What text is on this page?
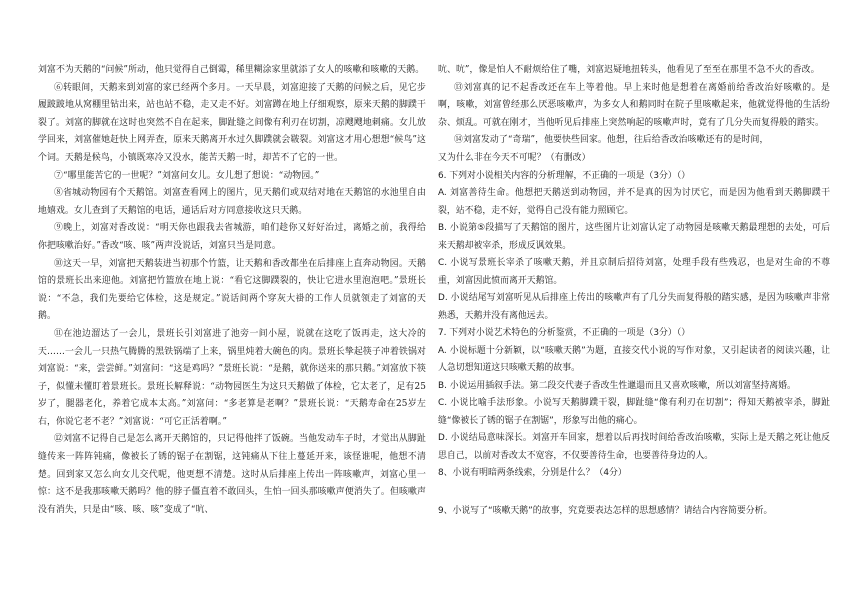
刘富不为天鹅的“问候”所动，他只觉得自己倒霉，稀里糊涂家里就添了女人的咳嗽和咳嗽的天鹅。

⑥转眼间，天鹅来到刘富的家已经两个多月。一天早晨，刘富迎接了天鹅的问候之后，见它步履跛跛地从窝棚里钻出来，站也站不稳，走又走不好。刘富蹲在地上仔细观察，原来天鹅的脚蹼干裂了。刘富的脚就在这时也突然不自在起来，脚趾缝之间像有利刃在切割，凉飕飕地刺痛。女儿放学回来，刘富催她赶快上网弄查，原来天鹅离开水过久脚蹼就会皲裂。刘富这才用心想想“候鸟”这个词。天鹅是候鸟，小镇既寒冷又没水，能苦天鹅一时，却苦不了它的一世。

⑦“哪里能苦它的一世呢？”刘富问女儿。女儿想了想说：“动物园。”

⑧省城动物园有个天鹅馆。刘富查看网上的图片，见天鹅们或双结对地在天鹅馆的水池里自由地嬉戏。女儿查到了天鹅馆的电话，通话后对方同意接收这只天鹅。

⑨晚上，刘富对香改说：“明天你也跟我去省城游，咱们趁你又好好治过，离婚之前，我得给你把咳嗽治好。”香改“咳、咳”两声没说话，刘富只当是同意。

⑩这天一早，刘富把天鹅装进当初那个竹篮，让天鹅和香改都坐在后排座上直奔动物园。天鹅馆的景班长出来迎他。刘富把竹篮放在地上说：“看它这脚蹼裂的，快让它进水里泡泡吧。”景班长说：“不急，我们先要给它体检，这是规定。”说话间两个穿灰大褂的工作人员就领走了刘富的天鹅。

⑪在池边溜达了一会儿，景班长引刘富进了池旁一间小屋，说就在这吃了饭再走，这大冷的天……一会儿一只热气腾腾的黑铁锅端了上来，锅里炖着大碗色的肉。景班长挚起筷子冲着铁锅对刘富说：“来，尝尝鲜。”刘富问：“这是鸡吗？”景班长说：“是鹅，就你送来的那只鹅。”刘富放下筷子，似懂未懂盯着景班长。景班长解释说：“动物园医生为这只天鹅做了体检，它太老了，足有25岁了，腿器老化，养着它成本太高。”刘富问：“多老算是老啊？”景班长说：“天鹅寿命在25岁左右，你说它老不老？”刘富说：“可它正活着啊。”

⑫刘富不记得自己是怎么离开天鹅馆的，只记得他拌了饭碗。当他发动车子时，才觉出从脚趾缝传来一阵阵钝痛，像被长了锈的锯子在割锯，这钝痛从下往上蔓延开来，该怪谁呢，他想不清楚。回到家又怎么向女儿交代呢，他更想不清楚。这时从后排座上传出一阵咳嗽声，刘富心里一惊：这不是我那咳嗽天鹅吗？他的脖子僵直着不敢回头，生怕一回头那咳嗽声便消失了。但咳嗽声没有消失，只是由“咳、咳、咳”变成了“吭、

吭、吭”，像是怕人不耐烦给住了嘴，刘富迟疑地扭转头，他看见了至至在那里不急不火的香改。

⑬刘富真的记不起香改还在车上等着他。早上来时他是想着在离婚前给香改治好咳嗽的。是啊，咳嗽，刘富曾经那么厌恶咳嗽声，为多女人和鹅同时在院子里咳嗽起来，他就觉得他的生活纷杂、烦乱。可就在刚才，当他听见后排座上突然响起的咳嗽声时，竟有了几分失而复得般的踏实。

⑭刘富发动了“奇瑞”，他要快些回家。他想，往后给香改治咳嗽还有的是时间，

又为什么非在今天不可呢？（有删改）

6. 下列对小说相关内容的分析理解，不正确的一项是（3分）（）

A. 刘富善待生命。他想把天鹅送到动物园，并不是真的因为讨厌它，而是因为他看到天鹅脚蹼干裂，站不稳，走不好，觉得自己没有能力照顾它。

B. 小说第⑤段描写了天鹅馆的图片，这些图片让刘富认定了动物园是咳嗽天鹅最理想的去处，可后来天鹅却被宰杀，形成反讽效果。

C. 小说写景班长宰杀了咳嗽天鹅，并且京制后招待刘富，处理手段有些残忍，也是对生命的不尊重，刘富因此愤而离开天鹅馆。

D. 小说结尾写刘富听见从后排座上传出的咳嗽声有了几分失而复得般的踏实感，是因为咳嗽声非常熟悉，天鹅并没有离他远去。

7. 下列对小说艺术特色的分析鉴赏，不正确的一项是（3分）（）

A. 小说标题十分新颖，以“咳嗽天鹅”为题，直接交代小说的写作对象，又引起读者的阅读兴趣，让人急切想知道这只咳嗽天鹅的故事。

B. 小说运用插叙手法。第二段交代妻子香改生性邋遢而且又喜欢咳嗽，所以刘富坚持离婚。

C. 小说比喻手法形象。小说写天鹅脚蹼干裂，脚趾缝“像有利刃在切割”；得知天鹅被宰杀，脚趾缝“像被长了锈的锯子在割锯”，形象写出他的痛心。

D. 小说结局意味深长。刘富开车回家，想着以后再找时间给香改治咳嗽，实际上是天鹅之死让他反思自己，以前对香改太不宽容，不仅要善待生命，也要善待身边的人。

8、小说有明暗两条线索，分别是什么？（4分）

9、小说写了“咳嗽天鹅”的故事，究竟要表达怎样的思想感情？请结合内容简要分析。
